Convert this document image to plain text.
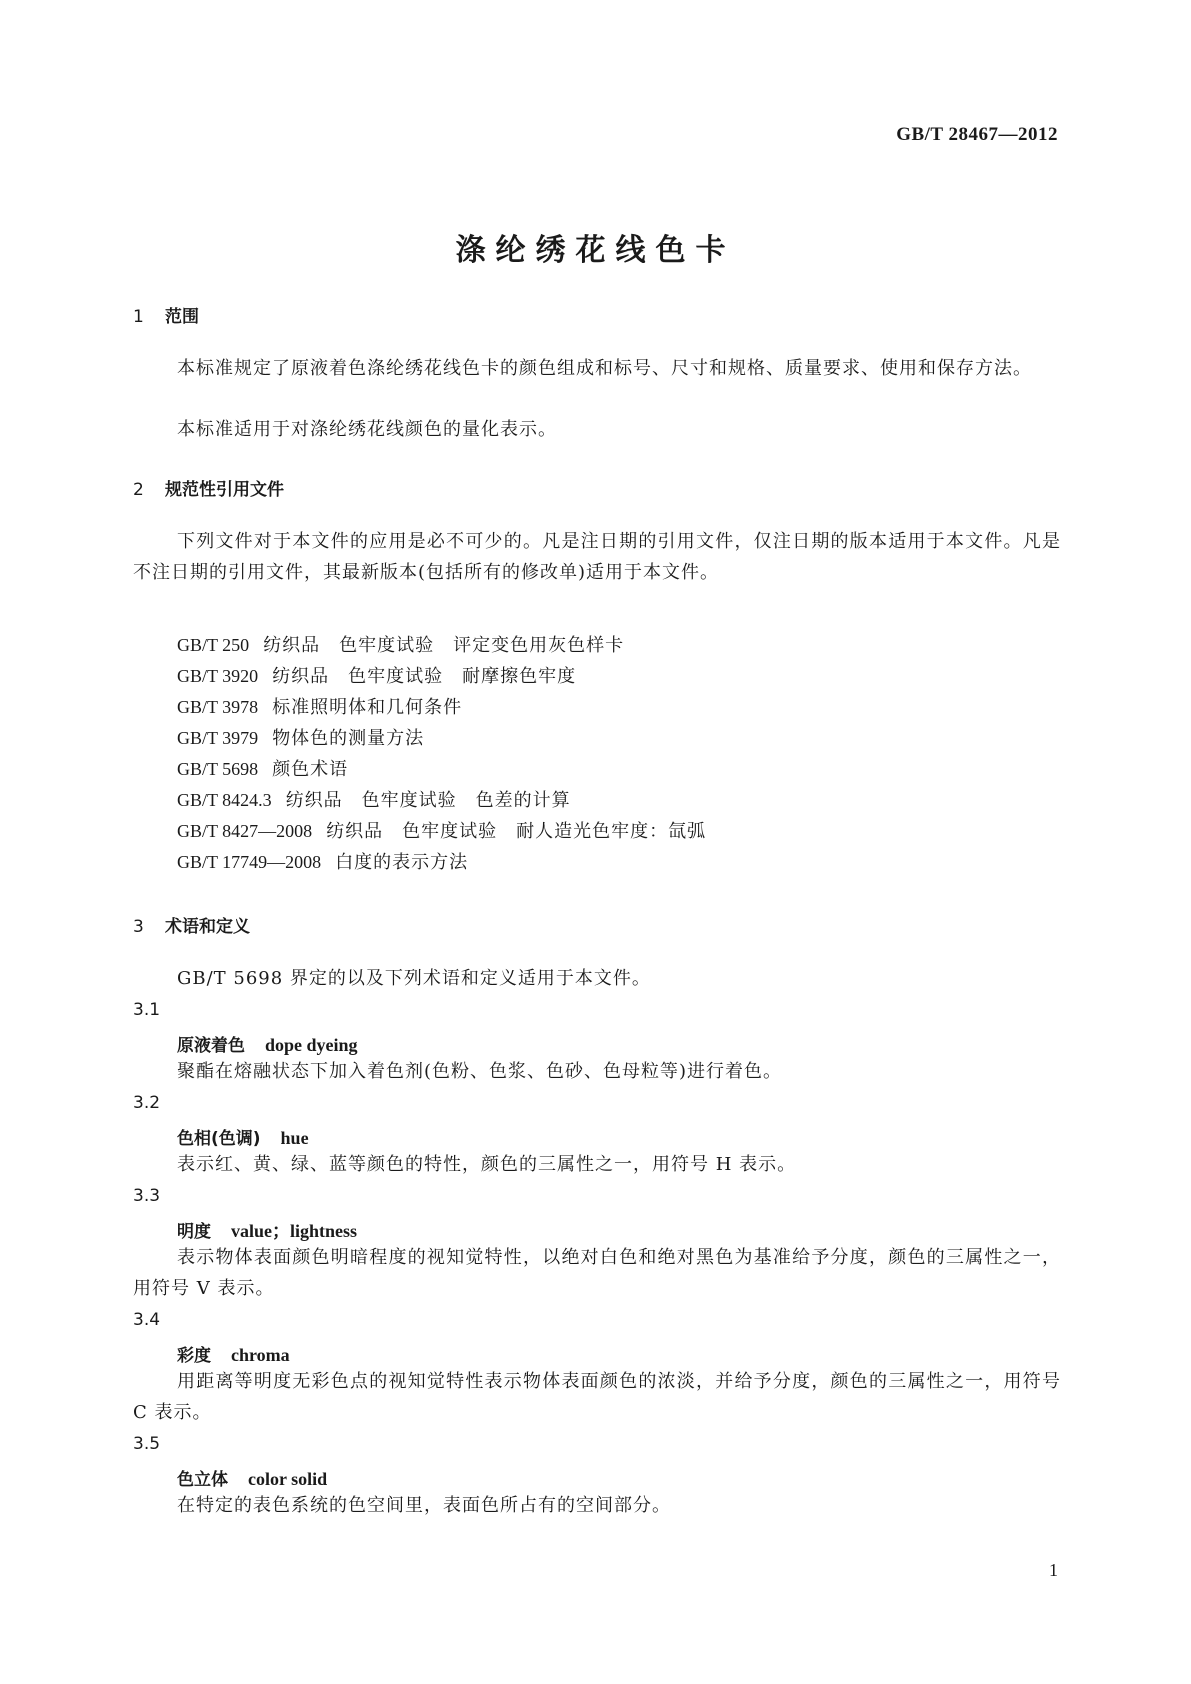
GB/T 28467—2012
涤纶绣花线色卡
1 范围
本标准规定了原液着色涤纶绣花线色卡的颜色组成和标号、尺寸和规格、质量要求、使用和保存方法。
本标准适用于对涤纶绣花线颜色的量化表示。
2 规范性引用文件
下列文件对于本文件的应用是必不可少的。凡是注日期的引用文件，仅注日期的版本适用于本文件。凡是不注日期的引用文件，其最新版本(包括所有的修改单)适用于本文件。
GB/T 250 纺织品　色牢度试验　评定变色用灰色样卡
GB/T 3920 纺织品　色牢度试验　耐摩擦色牢度
GB/T 3978 标准照明体和几何条件
GB/T 3979 物体色的测量方法
GB/T 5698 颜色术语
GB/T 8424.3 纺织品　色牢度试验　色差的计算
GB/T 8427—2008 纺织品　色牢度试验　耐人造光色牢度：氙弧
GB/T 17749—2008 白度的表示方法
3 术语和定义
GB/T 5698 界定的以及下列术语和定义适用于本文件。
3.1
原液着色 dope dyeing
聚酯在熔融状态下加入着色剂(色粉、色浆、色砂、色母粒等)进行着色。
3.2
色相(色调) hue
表示红、黄、绿、蓝等颜色的特性，颜色的三属性之一，用符号 H 表示。
3.3
明度 value；lightness
表示物体表面颜色明暗程度的视知觉特性，以绝对白色和绝对黑色为基准给予分度，颜色的三属性之一，用符号 V 表示。
3.4
彩度 chroma
用距离等明度无彩色点的视知觉特性表示物体表面颜色的浓淡，并给予分度，颜色的三属性之一，用符号 C 表示。
3.5
色立体 color solid
在特定的表色系统的色空间里，表面色所占有的空间部分。
1
